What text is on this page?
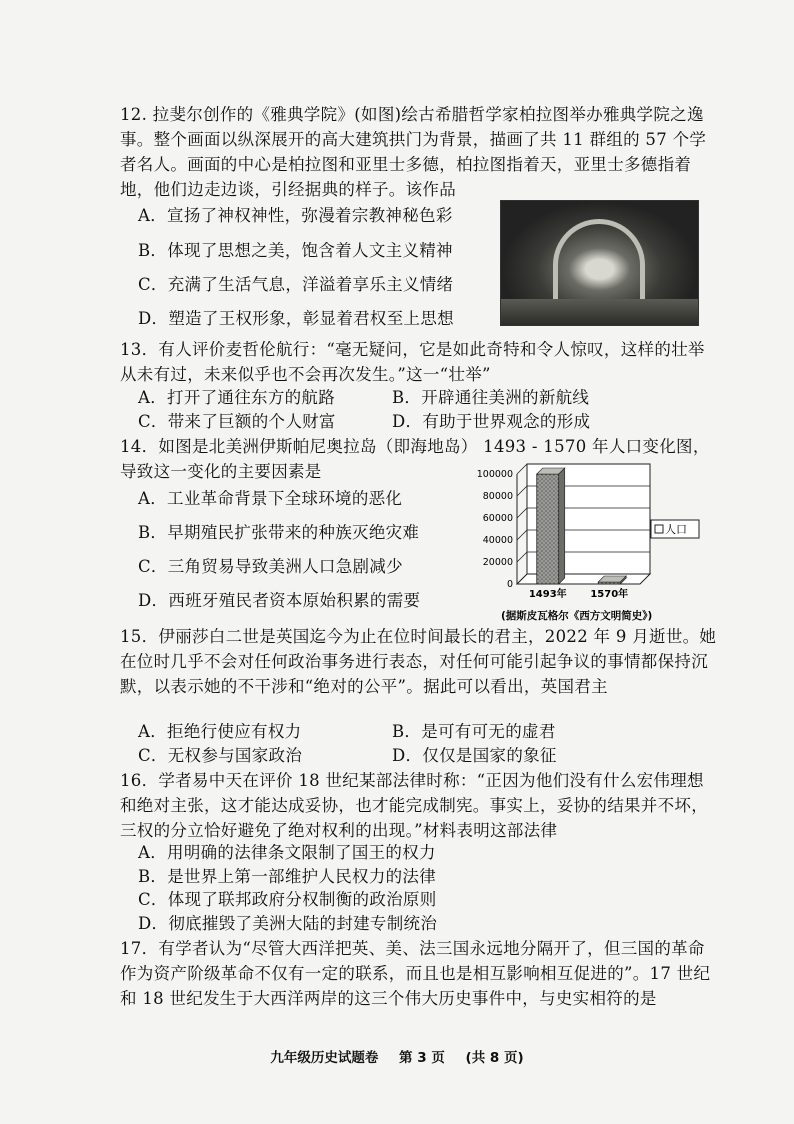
12. 拉斐尔创作的《雅典学院》(如图)绘古希腊哲学家柏拉图举办雅典学院之逸事。整个画面以纵深展开的高大建筑拱门为背景，描画了共 11 群组的 57 个学者名人。画面的中心是柏拉图和亚里士多德，柏拉图指着天，亚里士多德指着地，他们边走边谈，引经据典的样子。该作品
A．宣扬了神权神性，弥漫着宗教神秘色彩
B．体现了思想之美，饱含着人文主义精神
C．充满了生活气息，洋溢着享乐主义情绪
D．塑造了王权形象，彰显着君权至上思想
13．有人评价麦哲伦航行：“毫无疑问，它是如此奇特和令人惊叹，这样的壮举从未有过，未来似乎也不会再次发生。”这一“壮举”
A．打开了通往东方的航路	B．开辟通往美洲的新航线
C．带来了巨额的个人财富	D．有助于世界观念的形成
14．如图是北美洲伊斯帕尼奥拉岛（即海地岛） 1493 - 1570 年人口变化图，导致这一变化的主要因素是
A．工业革命背景下全球环境的恶化
B．早期殖民扩张带来的种族灭绝灾难
C．三角贸易导致美洲人口急剧减少
D．西班牙殖民者资本原始积累的需要
100000
80000
60000
40000
20000
0
1493年 1570年
人口
(据斯皮瓦格尔《西方文明简史》)
15．伊丽莎白二世是英国迄今为止在位时间最长的君主，2022 年 9 月逝世。她在位时几乎不会对任何政治事务进行表态，对任何可能引起争议的事情都保持沉默，以表示她的不干涉和“绝对的公平”。据此可以看出，英国君主
A．拒绝行使应有权力	B．是可有可无的虚君
C．无权参与国家政治	D．仅仅是国家的象征
16．学者易中天在评价 18 世纪某部法律时称：“正因为他们没有什么宏伟理想和绝对主张，这才能达成妥协，也才能完成制宪。事实上，妥协的结果并不坏，三权的分立恰好避免了绝对权利的出现。”材料表明这部法律
A．用明确的法律条文限制了国王的权力
B．是世界上第一部维护人民权力的法律
C．体现了联邦政府分权制衡的政治原则
D．彻底摧毁了美洲大陆的封建专制统治
17．有学者认为“尽管大西洋把英、美、法三国永远地分隔开了，但三国的革命作为资产阶级革命不仅有一定的联系，而且也是相互影响相互促进的”。17 世纪和 18 世纪发生于大西洋两岸的这三个伟大历史事件中，与史实相符的是
九年级历史试题卷 第 3 页 (共 8 页)
